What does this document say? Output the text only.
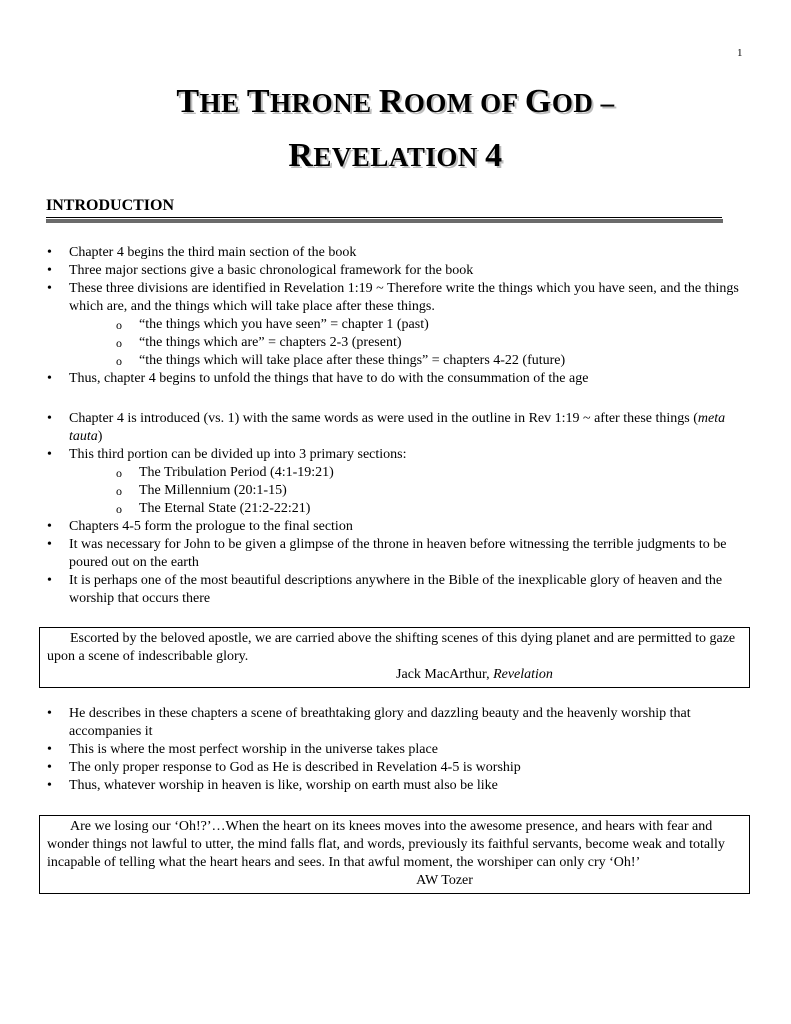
1
THE THRONE ROOM OF GOD –
REVELATION 4
INTRODUCTION
• Chapter 4 begins the third main section of the book
• Three major sections give a basic chronological framework for the book
• These three divisions are identified in Revelation 1:19 ~ Therefore write the things which you have seen, and the things which are, and the things which will take place after these things.
o “the things which you have seen” = chapter 1 (past)
o “the things which are” = chapters 2-3 (present)
o “the things which will take place after these things” = chapters 4-22 (future)
• Thus, chapter 4 begins to unfold the things that have to do with the consummation of the age
• Chapter 4 is introduced (vs. 1) with the same words as were used in the outline in Rev 1:19 ~ after these things (meta tauta)
• This third portion can be divided up into 3 primary sections:
o The Tribulation Period (4:1-19:21)
o The Millennium (20:1-15)
o The Eternal State (21:2-22:21)
• Chapters 4-5 form the prologue to the final section
• It was necessary for John to be given a glimpse of the throne in heaven before witnessing the terrible judgments to be poured out on the earth
• It is perhaps one of the most beautiful descriptions anywhere in the Bible of the inexplicable glory of heaven and the worship that occurs there
Escorted by the beloved apostle, we are carried above the shifting scenes of this dying planet and are permitted to gaze upon a scene of indescribable glory.
Jack MacArthur, Revelation
• He describes in these chapters a scene of breathtaking glory and dazzling beauty and the heavenly worship that accompanies it
• This is where the most perfect worship in the universe takes place
• The only proper response to God as He is described in Revelation 4-5 is worship
• Thus, whatever worship in heaven is like, worship on earth must also be like
Are we losing our ‘Oh!?’…When the heart on its knees moves into the awesome presence, and hears with fear and wonder things not lawful to utter, the mind falls flat, and words, previously its faithful servants, become weak and totally incapable of telling what the heart hears and sees. In that awful moment, the worshiper can only cry ‘Oh!’
AW Tozer
